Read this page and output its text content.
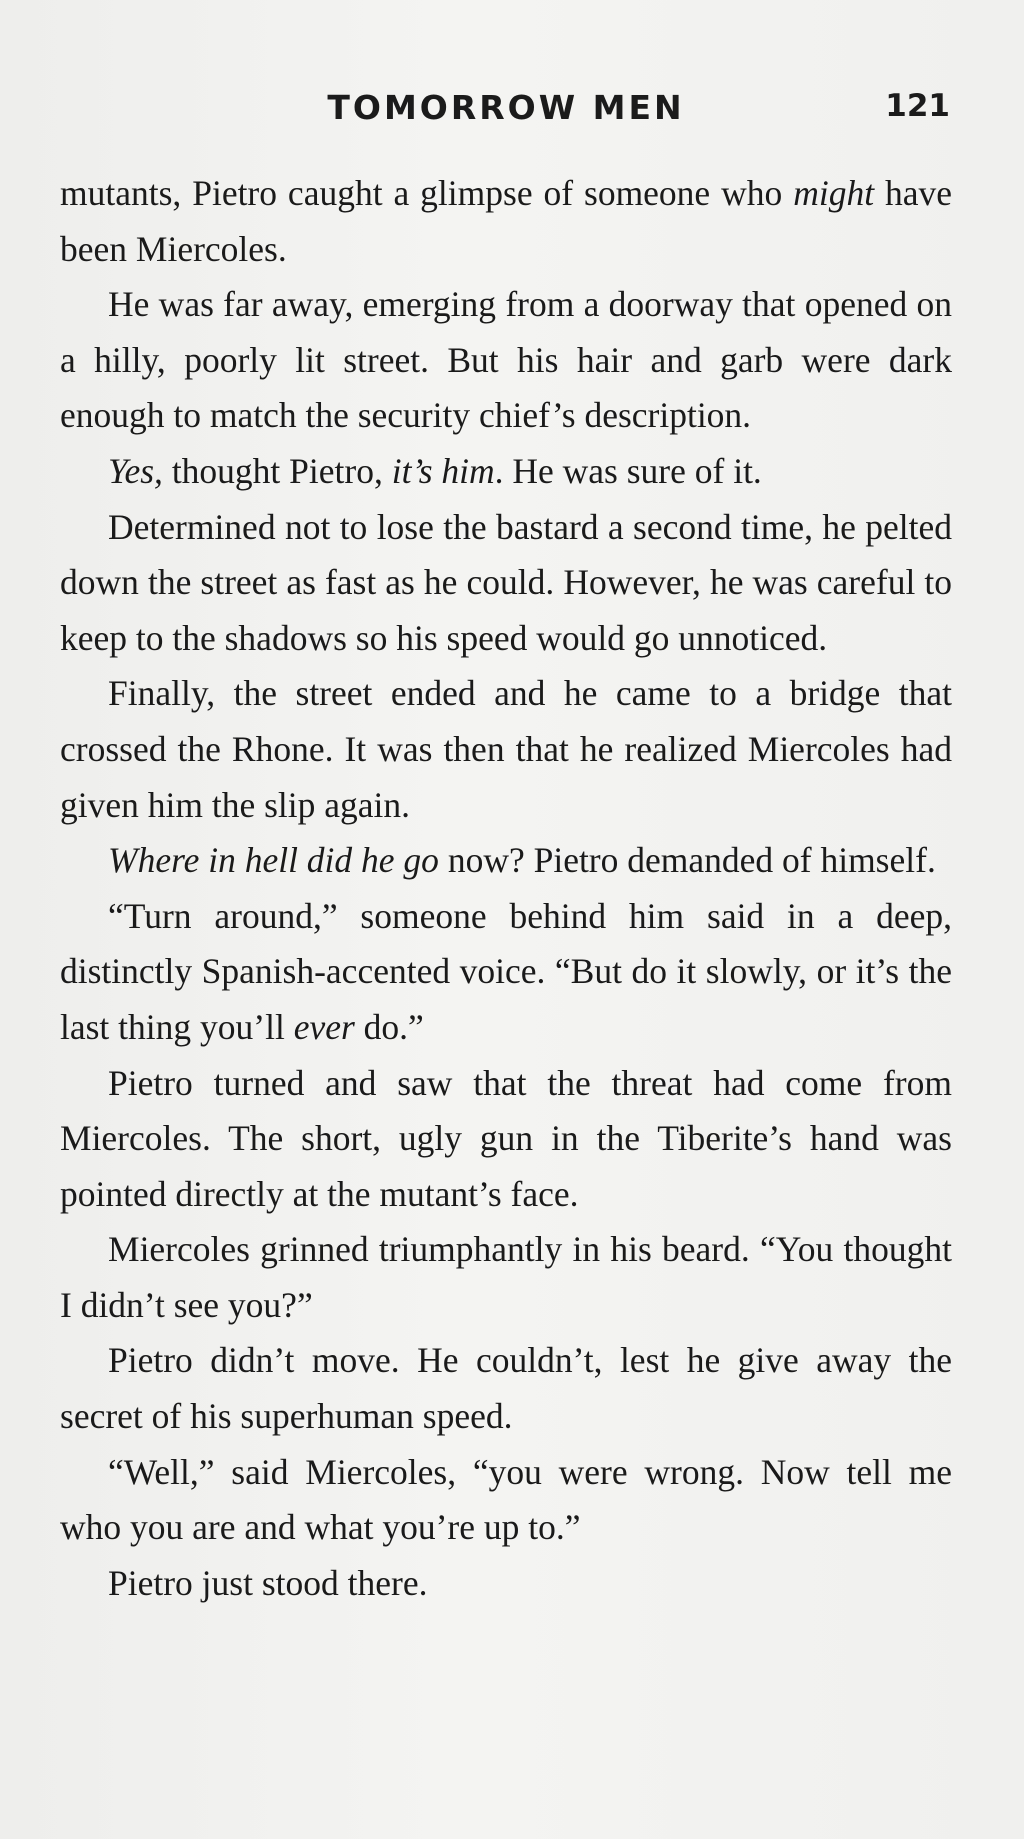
TOMORROW MEN	121

mutants, Pietro caught a glimpse of someone who might have been Miercoles.

He was far away, emerging from a doorway that opened on a hilly, poorly lit street. But his hair and garb were dark enough to match the security chief’s description.

Yes, thought Pietro, it’s him. He was sure of it.

Determined not to lose the bastard a second time, he pelted down the street as fast as he could. However, he was careful to keep to the shadows so his speed would go unnoticed.

Finally, the street ended and he came to a bridge that crossed the Rhone. It was then that he realized Miercoles had given him the slip again.

Where in hell did he go now? Pietro demanded of himself.

“Turn around,” someone behind him said in a deep, distinctly Spanish-accented voice. “But do it slowly, or it’s the last thing you’ll ever do.”

Pietro turned and saw that the threat had come from Miercoles. The short, ugly gun in the Tiberite’s hand was pointed directly at the mutant’s face.

Miercoles grinned triumphantly in his beard. “You thought I didn’t see you?”

Pietro didn’t move. He couldn’t, lest he give away the secret of his superhuman speed.

“Well,” said Miercoles, “you were wrong. Now tell me who you are and what you’re up to.”

Pietro just stood there.
